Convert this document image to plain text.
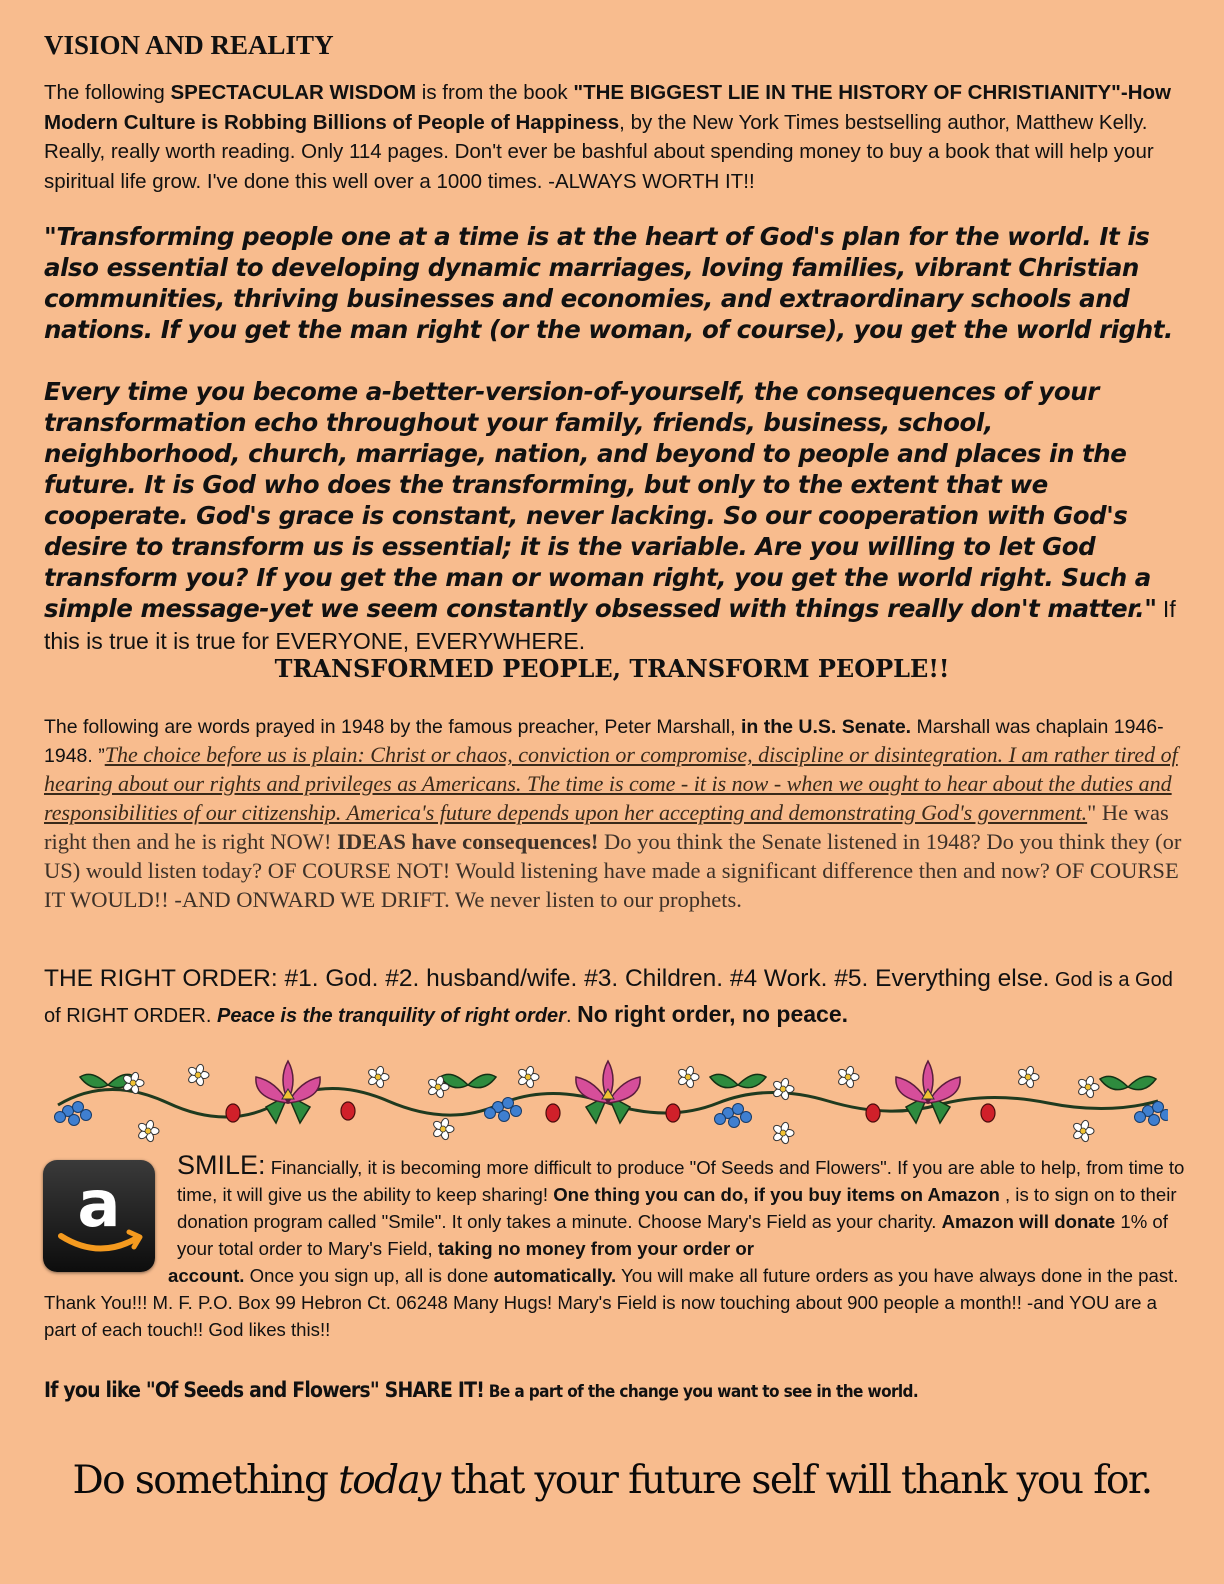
VISION AND REALITY

The following SPECTACULAR WISDOM is from the book "THE BIGGEST LIE IN THE HISTORY OF CHRISTIANITY"-How Modern Culture is Robbing Billions of People of Happiness, by the New York Times bestselling author, Matthew Kelly. Really, really worth reading. Only 114 pages. Don't ever be bashful about spending money to buy a book that will help your spiritual life grow. I've done this well over a 1000 times. -ALWAYS WORTH IT!!

"Transforming people one at a time is at the heart of God's plan for the world. It is also essential to developing dynamic marriages, loving families, vibrant Christian communities, thriving businesses and economies, and extraordinary schools and nations. If you get the man right (or the woman, of course), you get the world right.

Every time you become a-better-version-of-yourself, the consequences of your transformation echo throughout your family, friends, business, school, neighborhood, church, marriage, nation, and beyond to people and places in the future. It is God who does the transforming, but only to the extent that we cooperate. God's grace is constant, never lacking. So our cooperation with God's desire to transform us is essential; it is the variable. Are you willing to let God transform you? If you get the man or woman right, you get the world right. Such a simple message-yet we seem constantly obsessed with things really don't matter." If this is true it is true for EVERYONE, EVERYWHERE.

TRANSFORMED PEOPLE, TRANSFORM PEOPLE!!

The following are words prayed in 1948 by the famous preacher, Peter Marshall, in the U.S. Senate. Marshall was chaplain 1946-1948. ”The choice before us is plain: Christ or chaos, conviction or compromise, discipline or disintegration. I am rather tired of hearing about our rights and privileges as Americans. The time is come - it is now - when we ought to hear about the duties and responsibilities of our citizenship. America's future depends upon her accepting and demonstrating God's government." He was right then and he is right NOW! IDEAS have consequences! Do you think the Senate listened in 1948? Do you think they (or US) would listen today? OF COURSE NOT! Would listening have made a significant difference then and now? OF COURSE IT WOULD!! -AND ONWARD WE DRIFT. We never listen to our prophets.

THE RIGHT ORDER: #1. God. #2. husband/wife. #3. Children. #4 Work. #5. Everything else. God is a God of RIGHT ORDER. Peace is the tranquility of right order. No right order, no peace.

a

SMILE: Financially, it is becoming more difficult to produce "Of Seeds and Flowers". If you are able to help, from time to time, it will give us the ability to keep sharing! One thing you can do, if you buy items on Amazon , is to sign on to their donation program called "Smile". It only takes a minute. Choose Mary's Field as your charity. Amazon will donate 1% of your total order to Mary's Field, taking no money from your order or
account. Once you sign up, all is done automatically. You will make all future orders as you have always done in the past. Thank You!!! M. F. P.O. Box 99 Hebron Ct. 06248 Many Hugs! Mary's Field is now touching about 900 people a month!! -and YOU are a part of each touch!! God likes this!!

If you like "Of Seeds and Flowers" SHARE IT! Be a part of the change you want to see in the world.

Do something today that your future self will thank you for.
